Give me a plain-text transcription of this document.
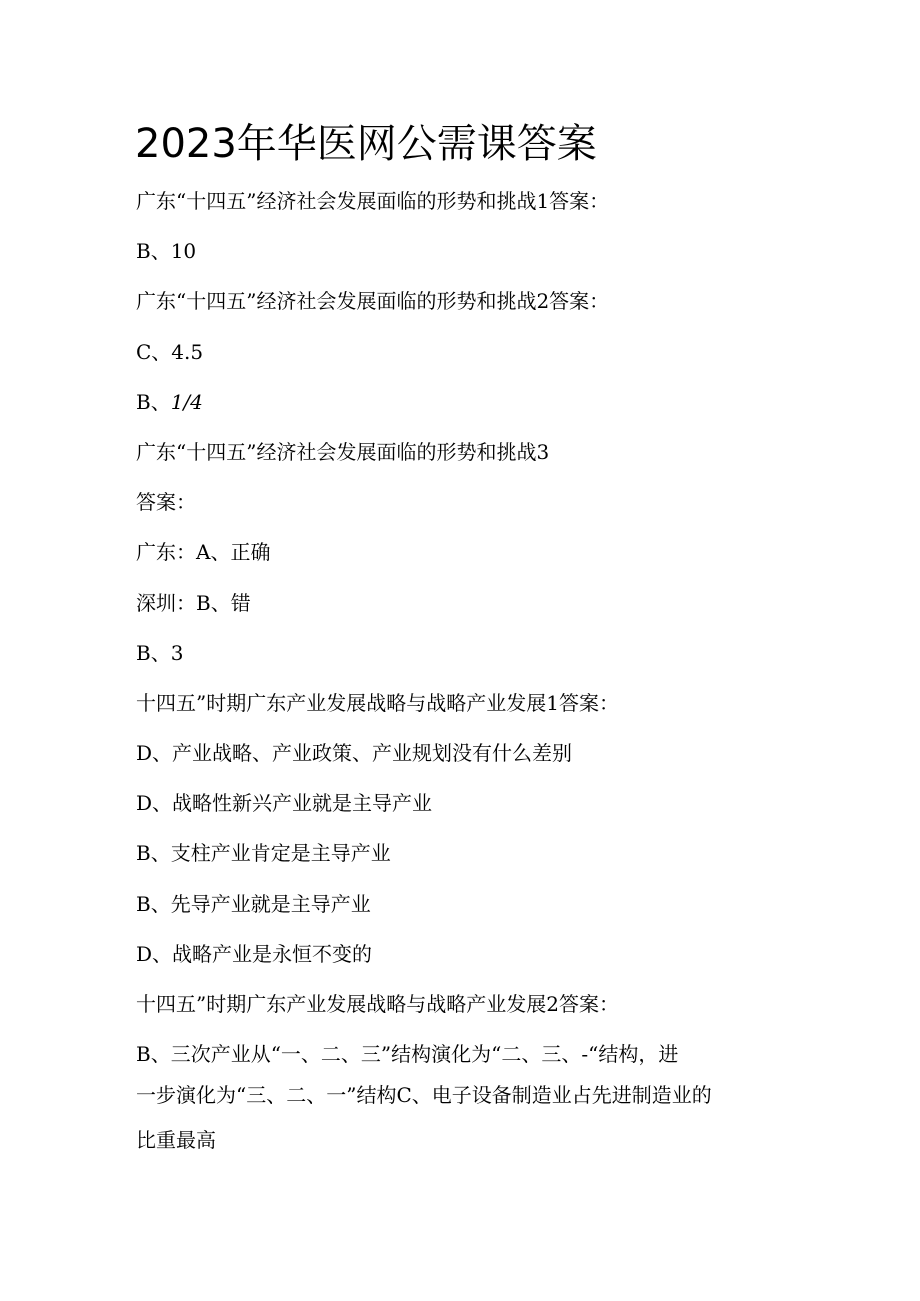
2023年华医网公需课答案
广东“十四五”经济社会发展面临的形势和挑战1答案：
B、10
广东“十四五”经济社会发展面临的形势和挑战2答案：
C、4.5
B、1/4
广东“十四五”经济社会发展面临的形势和挑战3
答案：
广东：A、正确
深圳：B、错
B、3
十四五”时期广东产业发展战略与战略产业发展1答案：
D、产业战略、产业政策、产业规划没有什么差别
D、战略性新兴产业就是主导产业
B、支柱产业肯定是主导产业
B、先导产业就是主导产业
D、战略产业是永恒不变的
十四五”时期广东产业发展战略与战略产业发展2答案：
B、三次产业从“一、二、三”结构演化为“二、三、-“结构，进
一步演化为“三、二、一”结构C、电子设备制造业占先进制造业的
比重最高
